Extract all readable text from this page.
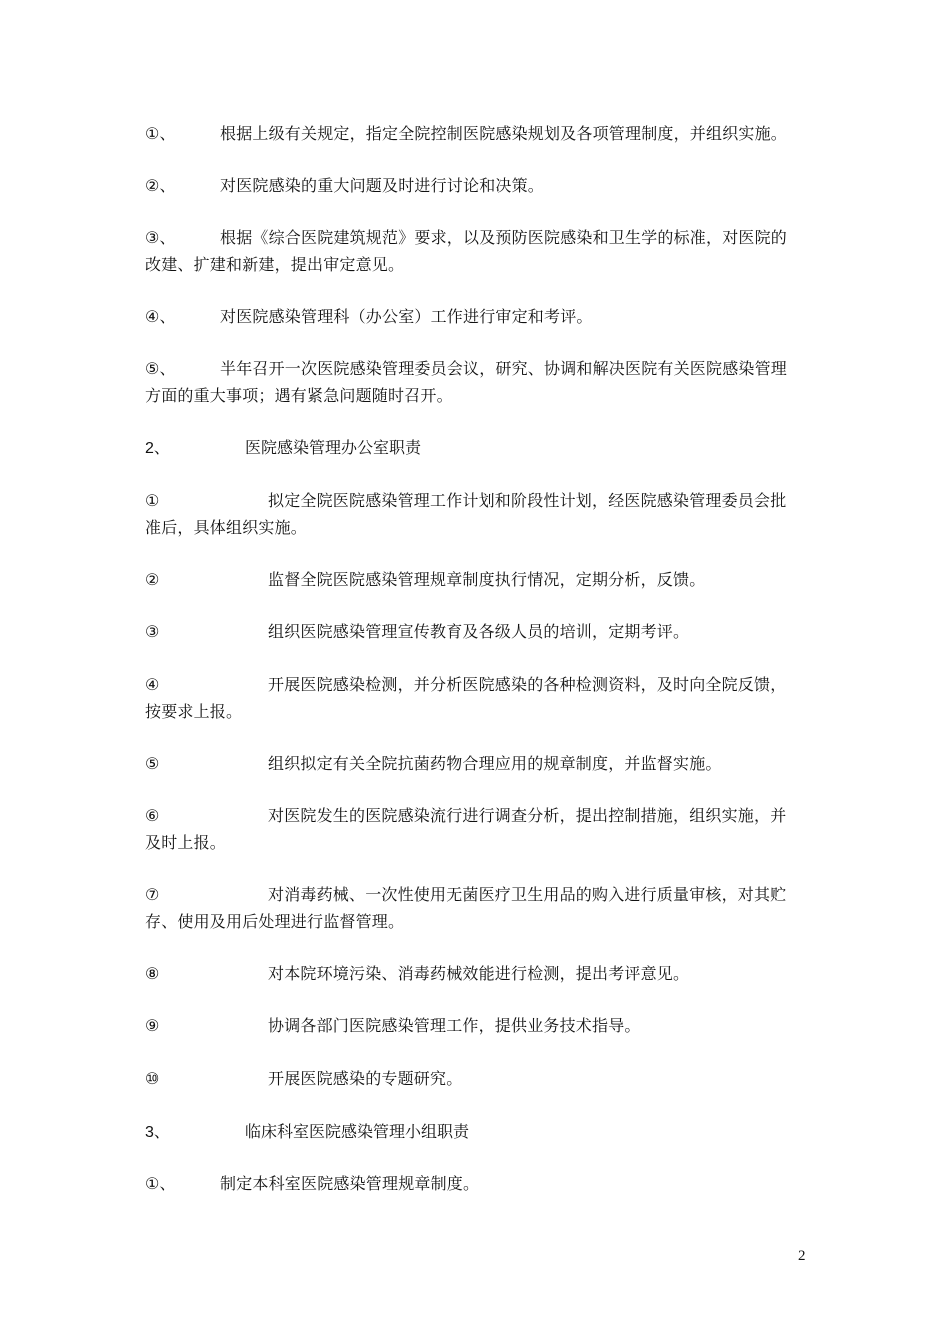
①、	根据上级有关规定，指定全院控制医院感染规划及各项管理制度，并组织实施。
②、	对医院感染的重大问题及时进行讨论和决策。
③、	根据《综合医院建筑规范》要求，以及预防医院感染和卫生学的标准，对医院的
改建、扩建和新建，提出审定意见。
④、	对医院感染管理科（办公室）工作进行审定和考评。
⑤、	半年召开一次医院感染管理委员会议，研究、协调和解决医院有关医院感染管理
方面的重大事项；遇有紧急问题随时召开。
2、	医院感染管理办公室职责
①	拟定全院医院感染管理工作计划和阶段性计划，经医院感染管理委员会批
准后，具体组织实施。
②	监督全院医院感染管理规章制度执行情况，定期分析，反馈。
③	组织医院感染管理宣传教育及各级人员的培训，定期考评。
④	开展医院感染检测，并分析医院感染的各种检测资料，及时向全院反馈，
按要求上报。
⑤	组织拟定有关全院抗菌药物合理应用的规章制度，并监督实施。
⑥	对医院发生的医院感染流行进行调查分析，提出控制措施，组织实施，并
及时上报。
⑦	对消毒药械、一次性使用无菌医疗卫生用品的购入进行质量审核，对其贮
存、使用及用后处理进行监督管理。
⑧	对本院环境污染、消毒药械效能进行检测，提出考评意见。
⑨	协调各部门医院感染管理工作，提供业务技术指导。
⑩	开展医院感染的专题研究。
3、	临床科室医院感染管理小组职责
①、	制定本科室医院感染管理规章制度。
2
